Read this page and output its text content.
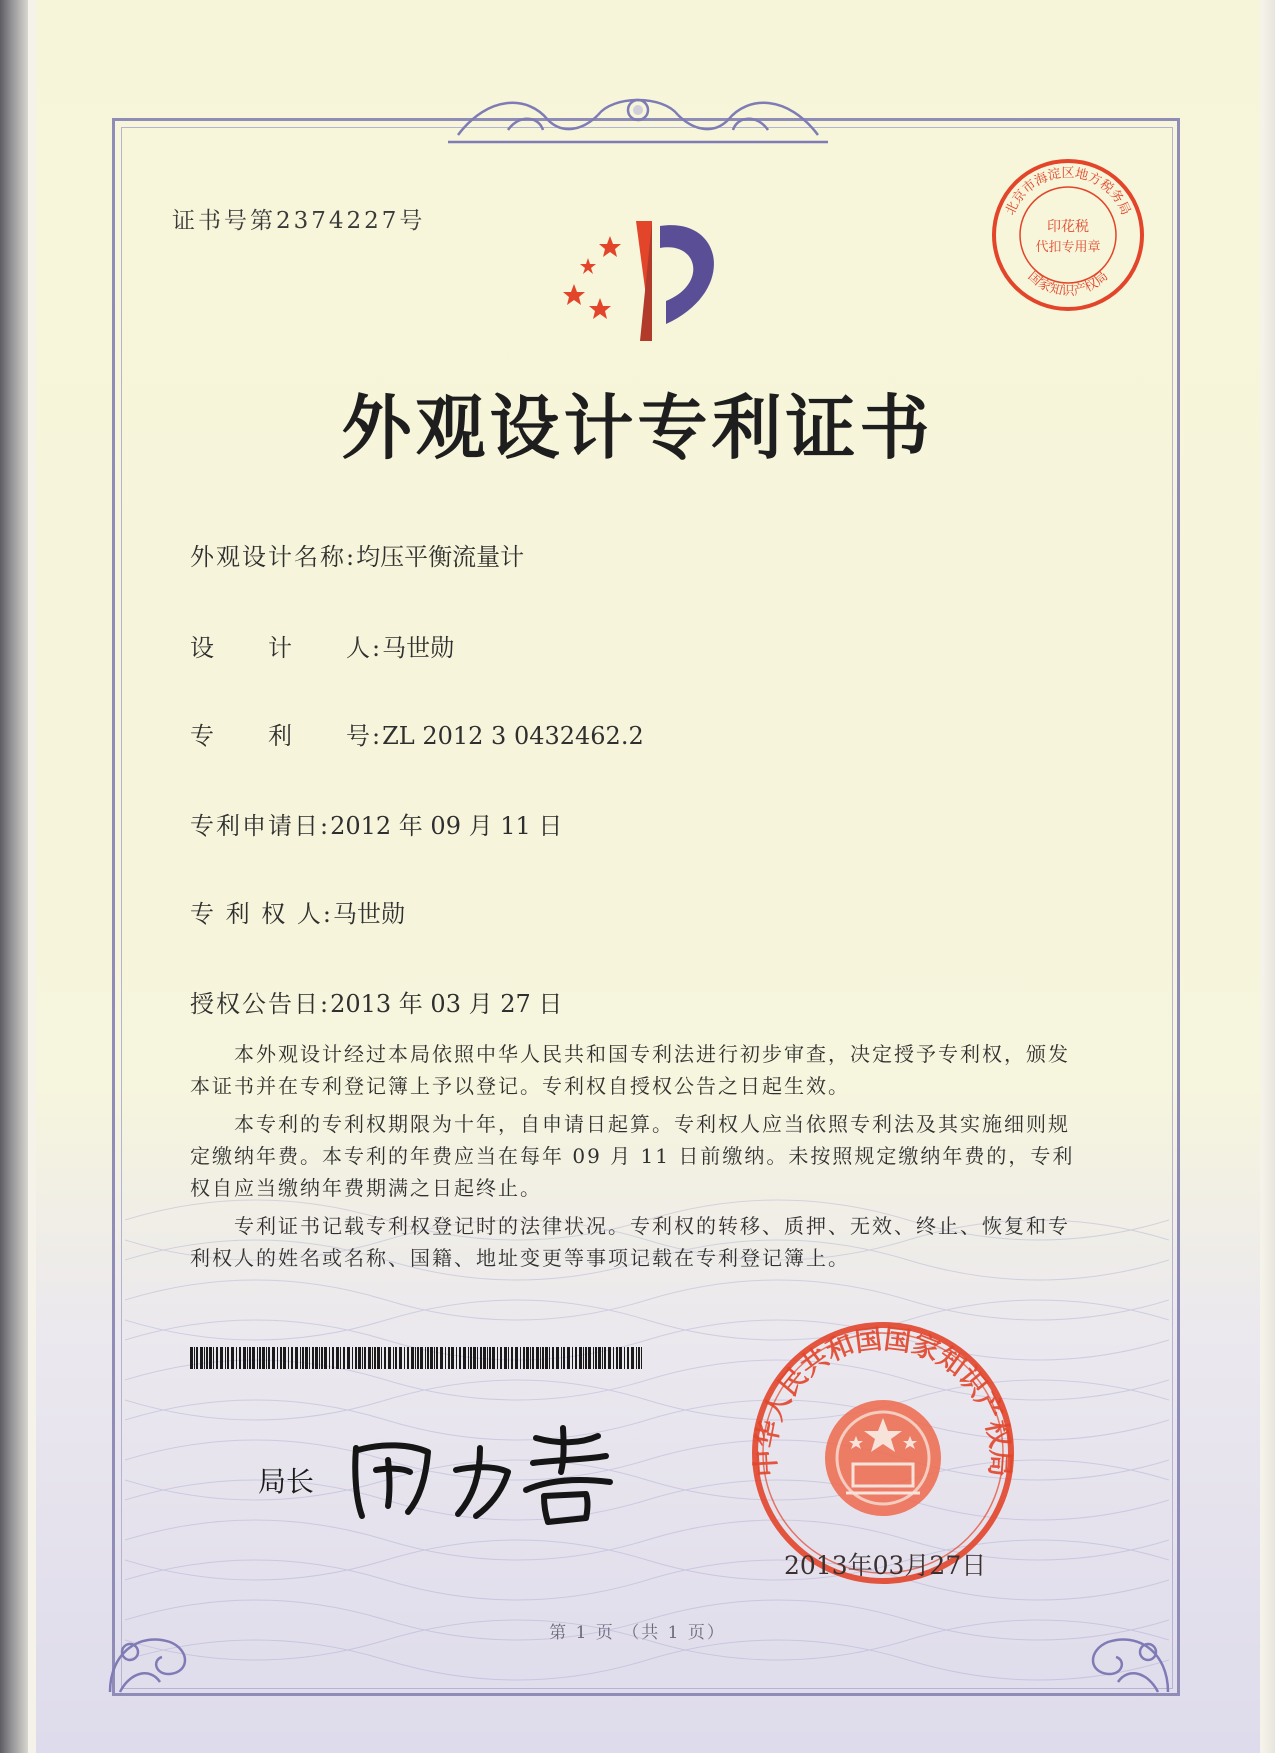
证书号第2374227号	北京市海淀区地方税务局
国家知识产权局
印花税
代扣专用章
外观设计专利证书
外观设计名称:均压平衡流量计
设　　计　　人:马世勋
专　　利　　号:ZL 2012 3 0432462.2
专利申请日:2012 年 09 月 11 日
专 利 权 人:马世勋
授权公告日:2013 年 03 月 27 日

本外观设计经过本局依照中华人民共和国专利法进行初步审查，决定授予专利权，颁发本证书并在专利登记簿上予以登记。专利权自授权公告之日起生效。

本专利的专利权期限为十年，自申请日起算。专利权人应当依照专利法及其实施细则规定缴纳年费。本专利的年费应当在每年 09 月 11 日前缴纳。未按照规定缴纳年费的，专利权自应当缴纳年费期满之日起终止。

专利证书记载专利权登记时的法律状况。专利权的转移、质押、无效、终止、恢复和专利权人的姓名或名称、国籍、地址变更等事项记载在专利登记簿上。

局长
中华人民共和国国家知识产权局
2013年03月27日
第 1 页 （共 1 页）
